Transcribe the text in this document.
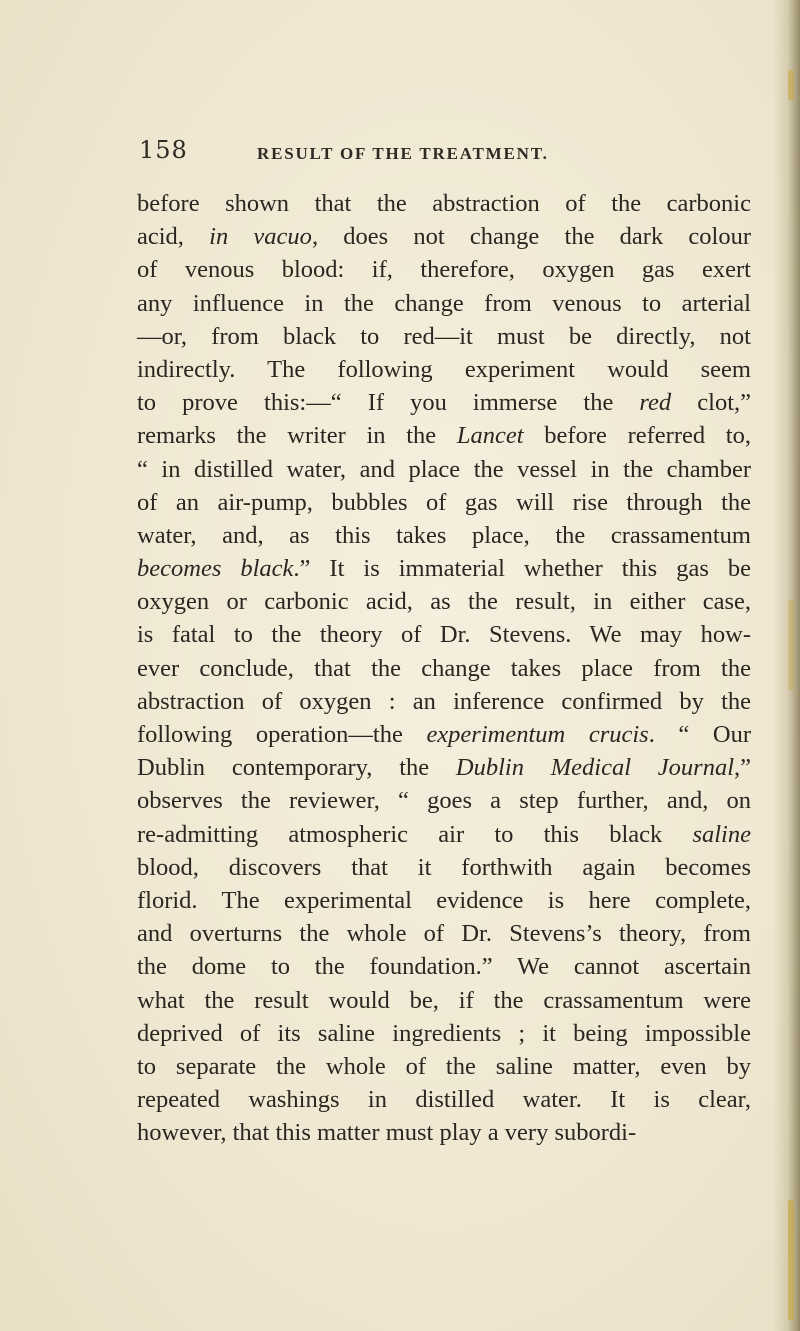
158	RESULT OF THE TREATMENT.
before shown that the abstraction of the carbonic
acid, in vacuo, does not change the dark colour
of venous blood: if, therefore, oxygen gas exert
any influence in the change from venous to arterial
—or, from black to red—it must be directly, not
indirectly. The following experiment would seem
to prove this:—“ If you immerse the red clot,”
remarks the writer in the Lancet before referred to,
“ in distilled water, and place the vessel in the chamber
of an air-pump, bubbles of gas will rise through the
water, and, as this takes place, the crassamentum
becomes black.” It is immaterial whether this gas be
oxygen or carbonic acid, as the result, in either case,
is fatal to the theory of Dr. Stevens. We may how-
ever conclude, that the change takes place from the
abstraction of oxygen : an inference confirmed by the
following operation—the experimentum crucis. “ Our
Dublin contemporary, the Dublin Medical Journal,”
observes the reviewer, “ goes a step further, and, on
re-admitting atmospheric air to this black saline
blood, discovers that it forthwith again becomes
florid. The experimental evidence is here complete,
and overturns the whole of Dr. Stevens’s theory, from
the dome to the foundation.” We cannot ascertain
what the result would be, if the crassamentum were
deprived of its saline ingredients ; it being impossible
to separate the whole of the saline matter, even by
repeated washings in distilled water. It is clear,
however, that this matter must play a very subordi-
